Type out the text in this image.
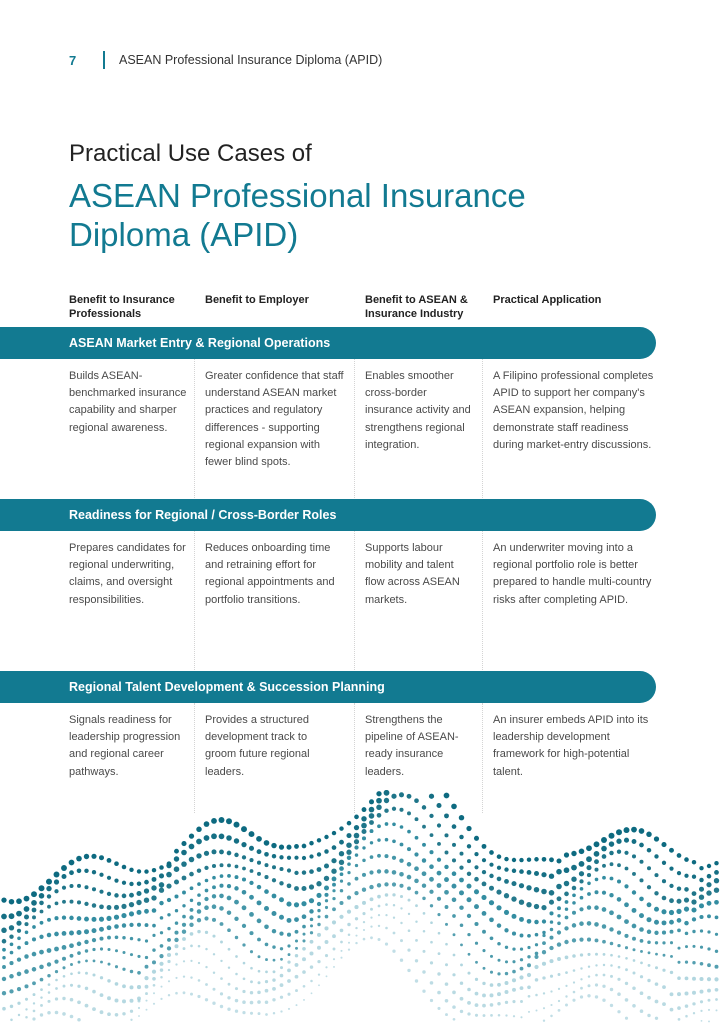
7	ASEAN Professional Insurance Diploma (APID)
Practical Use Cases of
ASEAN Professional Insurance Diploma (APID)
Benefit to Insurance Professionals
Benefit to Employer	Benefit to ASEAN & Insurance Industry
Practical Application
ASEAN Market Entry & Regional Operations
Builds ASEAN-benchmarked insurance capability and sharper regional awareness.
Greater confidence that staff understand ASEAN market practices and regulatory differences - supporting regional expansion with fewer blind spots.
Enables smoother cross-border insurance activity and strengthens regional integration.
A Filipino professional completes APID to support her company's ASEAN expansion, helping demonstrate staff readiness during market-entry discussions.
Readiness for Regional / Cross-Border Roles
Prepares candidates for regional underwriting, claims, and oversight responsibilities.
Reduces onboarding time and retraining effort for regional appointments and portfolio transitions.
Supports labour mobility and talent flow across ASEAN markets.
An underwriter moving into a regional portfolio role is better prepared to handle multi-country risks after completing APID.
Regional Talent Development & Succession Planning
Signals readiness for leadership progression and regional career pathways.
Provides a structured development track to groom future regional leaders.
Strengthens the pipeline of ASEAN-ready insurance leaders.
An insurer embeds APID into its leadership development framework for high-potential talent.
